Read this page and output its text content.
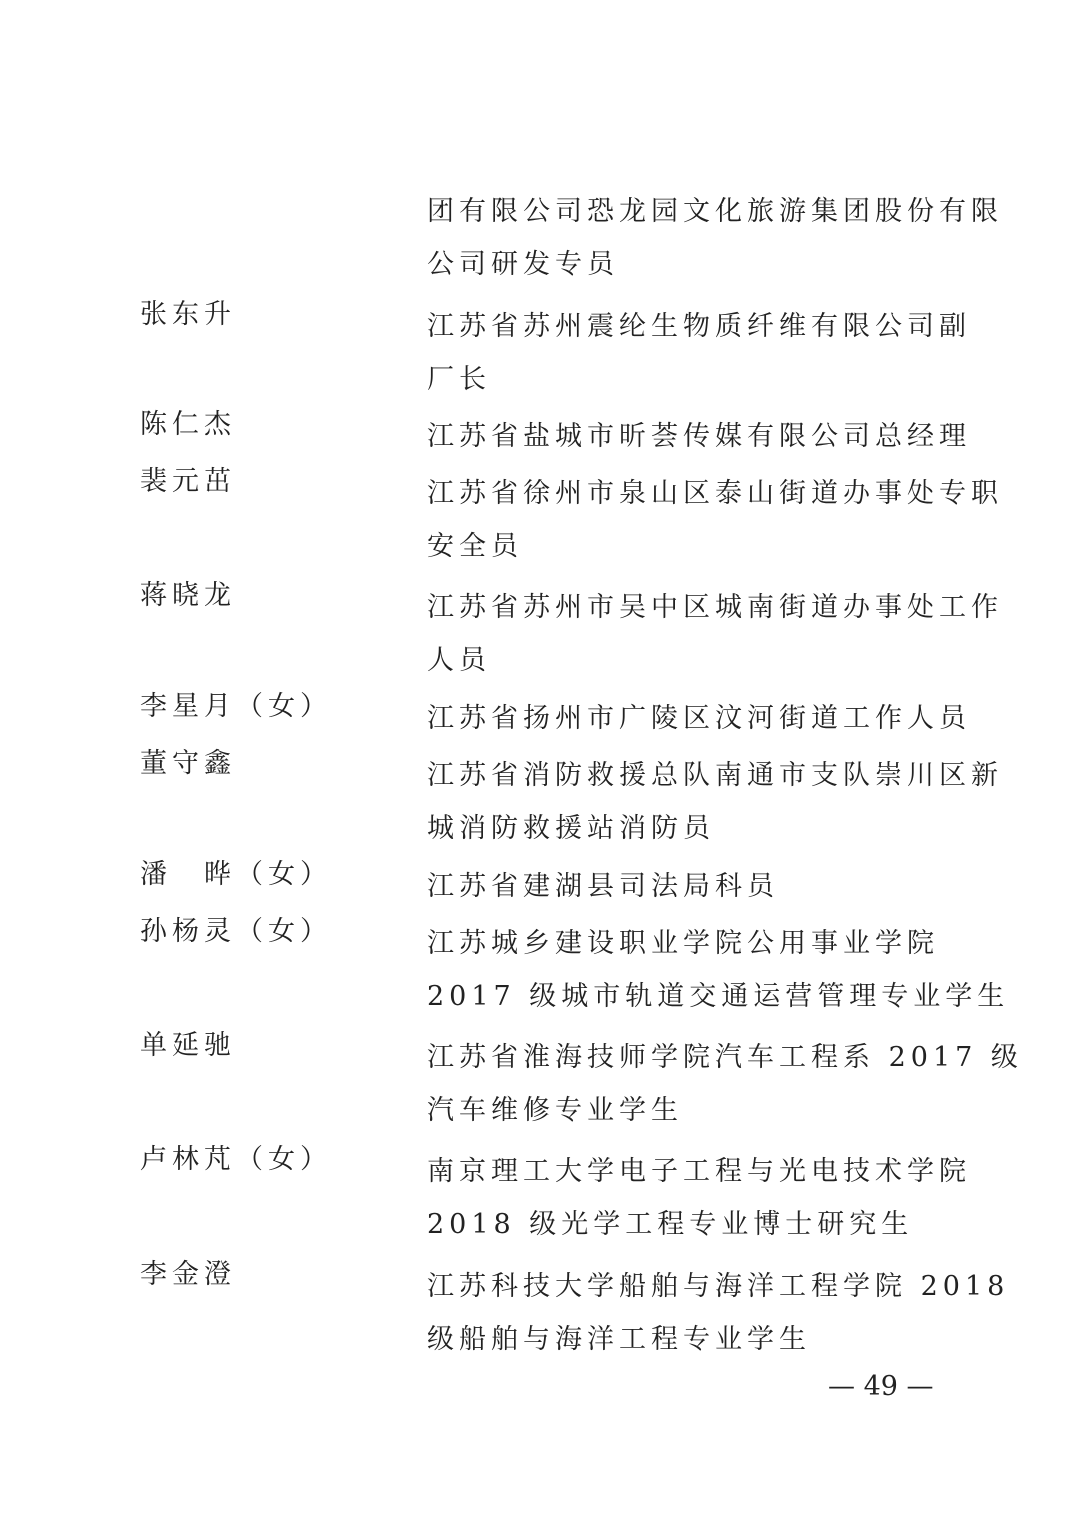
团有限公司恐龙园文化旅游集团股份有限
公司研发专员
张东升	江苏省苏州震纶生物质纤维有限公司副
厂长
陈仁杰	江苏省盐城市昕荟传媒有限公司总经理
裴元茁	江苏省徐州市泉山区泰山街道办事处专职
安全员
蒋晓龙	江苏省苏州市吴中区城南街道办事处工作
人员
李星月（女）	江苏省扬州市广陵区汶河街道工作人员
董守鑫	江苏省消防救援总队南通市支队崇川区新
城消防救援站消防员
潘　晔（女）	江苏省建湖县司法局科员
孙杨灵（女）	江苏城乡建设职业学院公用事业学院
2017 级城市轨道交通运营管理专业学生
单延驰	江苏省淮海技师学院汽车工程系 2017 级
汽车维修专业学生
卢林芃（女）	南京理工大学电子工程与光电技术学院
2018 级光学工程专业博士研究生
李金澄	江苏科技大学船舶与海洋工程学院 2018
级船舶与海洋工程专业学生
— 49 —
